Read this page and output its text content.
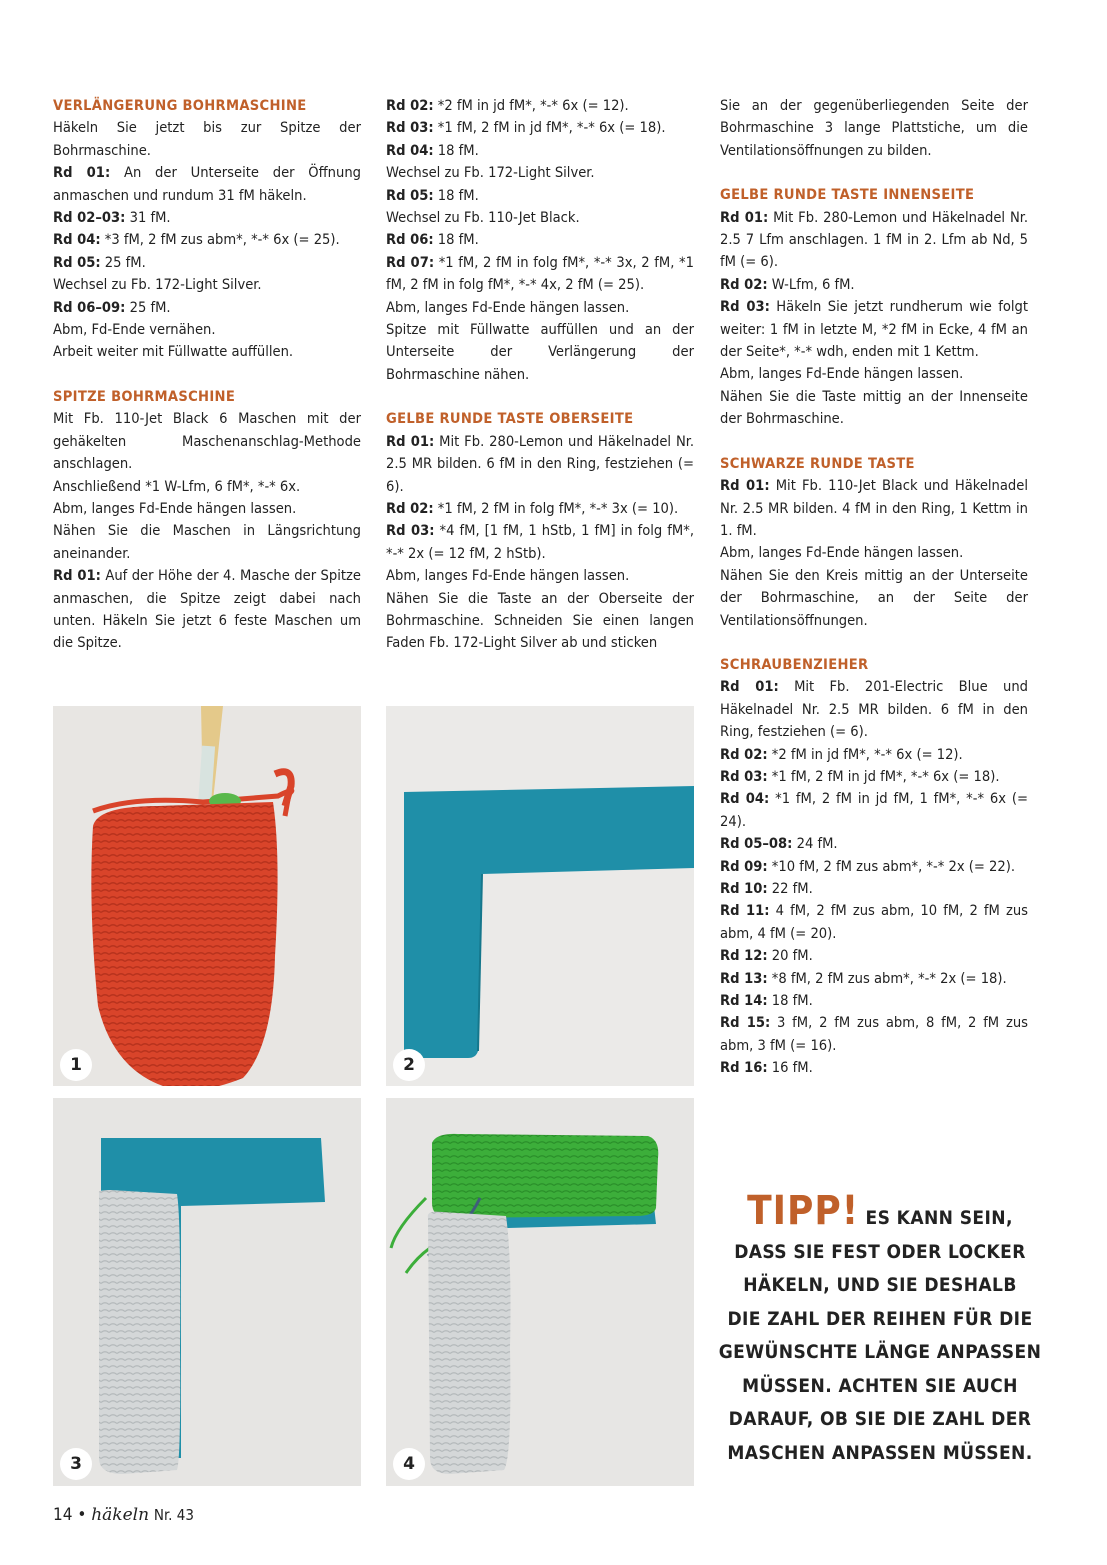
VERLÄNGERUNG BOHRMASCHINE

Häkeln Sie jetzt bis zur Spitze der Bohrmaschine.

Rd 01: An der Unterseite der Öffnung anmaschen und rundum 31 fM häkeln.

Rd 02–03: 31 fM.

Rd 04: *3 fM, 2 fM zus abm*, *-* 6x (= 25).

Rd 05: 25 fM.

Wechsel zu Fb. 172-Light Silver.

Rd 06–09: 25 fM.

Abm, Fd-Ende vernähen.

Arbeit weiter mit Füllwatte auffüllen.

SPITZE BOHRMASCHINE

Mit Fb. 110-Jet Black 6 Maschen mit der gehäkelten Maschenanschlag-Methode anschlagen.

Anschließend *1 W-Lfm, 6 fM*, *-* 6x.

Abm, langes Fd-Ende hängen lassen.

Nähen Sie die Maschen in Längsrichtung aneinander.

Rd 01: Auf der Höhe der 4. Masche der Spitze anmaschen, die Spitze zeigt dabei nach unten. Häkeln Sie jetzt 6 feste Maschen um die Spitze.

Rd 02: *2 fM in jd fM*, *-* 6x (= 12).

Rd 03: *1 fM, 2 fM in jd fM*, *-* 6x (= 18).

Rd 04: 18 fM.

Wechsel zu Fb. 172-Light Silver.

Rd 05: 18 fM.

Wechsel zu Fb. 110-Jet Black.

Rd 06: 18 fM.

Rd 07: *1 fM, 2 fM in folg fM*, *-* 3x, 2 fM, *1 fM, 2 fM in folg fM*, *-* 4x, 2 fM (= 25).

Abm, langes Fd-Ende hängen lassen.

Spitze mit Füllwatte auffüllen und an der Unterseite der Verlängerung der Bohrmaschine nähen.

GELBE RUNDE TASTE OBERSEITE

Rd 01: Mit Fb. 280-Lemon und Häkelnadel Nr. 2.5 MR bilden. 6 fM in den Ring, festziehen (= 6).

Rd 02: *1 fM, 2 fM in folg fM*, *-* 3x (= 10).

Rd 03: *4 fM, [1 fM, 1 hStb, 1 fM] in folg fM*, *-* 2x (= 12 fM, 2 hStb).

Abm, langes Fd-Ende hängen lassen.

Nähen Sie die Taste an der Oberseite der Bohrmaschine. Schneiden Sie einen langen Faden Fb. 172-Light Silver ab und sticken

Sie an der gegenüberliegenden Seite der Bohrmaschine 3 lange Plattstiche, um die Ventilationsöffnungen zu bilden.

GELBE RUNDE TASTE INNENSEITE

Rd 01: Mit Fb. 280-Lemon und Häkelnadel Nr. 2.5 7 Lfm anschlagen. 1 fM in 2. Lfm ab Nd, 5 fM (= 6).

Rd 02: W-Lfm, 6 fM.

Rd 03: Häkeln Sie jetzt rundherum wie folgt weiter: 1 fM in letzte M, *2 fM in Ecke, 4 fM an der Seite*, *-* wdh, enden mit 1 Kettm.

Abm, langes Fd-Ende hängen lassen.

Nähen Sie die Taste mittig an der Innenseite der Bohrmaschine.

SCHWARZE RUNDE TASTE

Rd 01: Mit Fb. 110-Jet Black und Häkelnadel Nr. 2.5 MR bilden. 4 fM in den Ring, 1 Kettm in 1. fM.

Abm, langes Fd-Ende hängen lassen.

Nähen Sie den Kreis mittig an der Unterseite der Bohrmaschine, an der Seite der Ventilationsöffnungen.

SCHRAUBENZIEHER

Rd 01: Mit Fb. 201-Electric Blue und Häkelnadel Nr. 2.5 MR bilden. 6 fM in den Ring, festziehen (= 6).

Rd 02: *2 fM in jd fM*, *-* 6x (= 12).

Rd 03: *1 fM, 2 fM in jd fM*, *-* 6x (= 18).

Rd 04: *1 fM, 2 fM in jd fM, 1 fM*, *-* 6x (= 24).

Rd 05–08: 24 fM.

Rd 09: *10 fM, 2 fM zus abm*, *-* 2x (= 22).

Rd 10: 22 fM.

Rd 11: 4 fM, 2 fM zus abm, 10 fM, 2 fM zus abm, 4 fM (= 20).

Rd 12: 20 fM.

Rd 13: *8 fM, 2 fM zus abm*, *-* 2x (= 18).

Rd 14: 18 fM.

Rd 15: 3 fM, 2 fM zus abm, 8 fM, 2 fM zus abm, 3 fM (= 16).

Rd 16: 16 fM.

1	2
3	4
TIPP! ES KANN SEIN,
DASS SIE FEST ODER LOCKER
HÄKELN, UND SIE DESHALB
DIE ZAHL DER REIHEN FÜR DIE
GEWÜNSCHTE LÄNGE ANPASSEN
MÜSSEN. ACHTEN SIE AUCH
DARAUF, OB SIE DIE ZAHL DER
MASCHEN ANPASSEN MÜSSEN.
14 • häkeln Nr. 43
